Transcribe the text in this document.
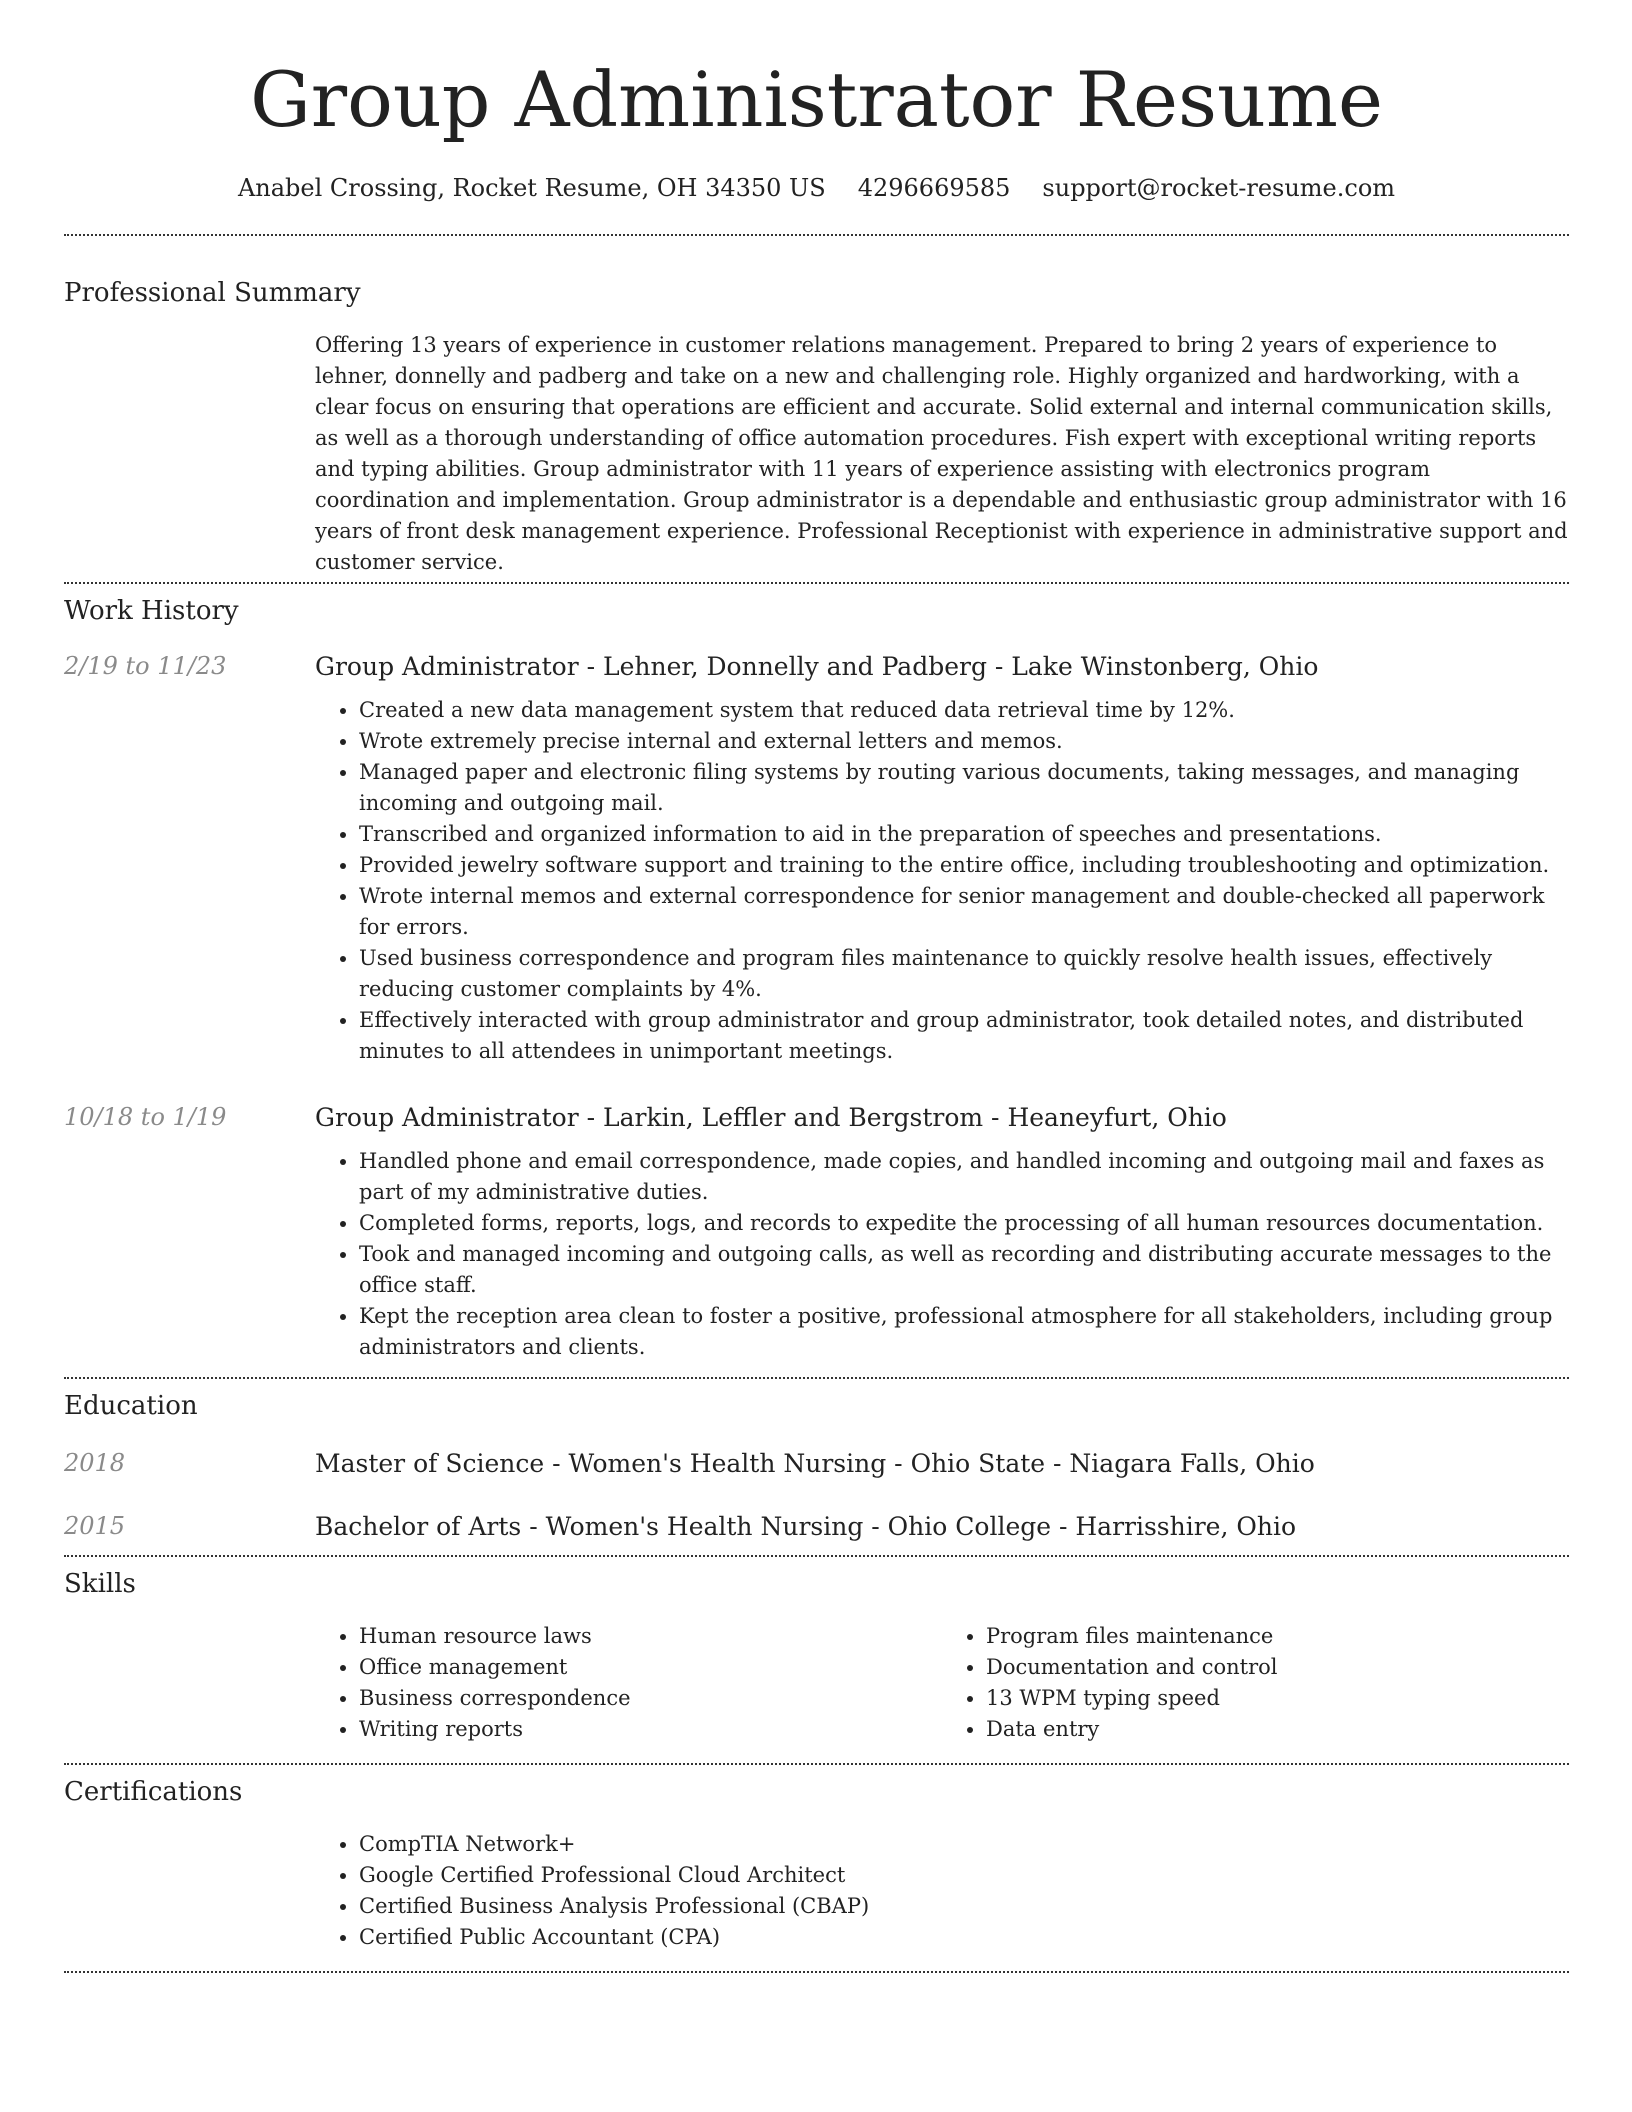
Group Administrator Resume
Anabel Crossing, Rocket Resume, OH 34350 US 4296669585 support@rocket-resume.com
Professional Summary
Offering 13 years of experience in customer relations management. Prepared to bring 2 years of experience to lehner, donnelly and padberg and take on a new and challenging role. Highly organized and hardworking, with a clear focus on ensuring that operations are efficient and accurate. Solid external and internal communication skills, as well as a thorough understanding of office automation procedures. Fish expert with exceptional writing reports and typing abilities. Group administrator with 11 years of experience assisting with electronics program coordination and implementation. Group administrator is a dependable and enthusiastic group administrator with 16 years of front desk management experience. Professional Receptionist with experience in administrative support and customer service.
Work History
2/19 to 11/23	Group Administrator - Lehner, Donnelly and Padberg - Lake Winstonberg, Ohio
• Created a new data management system that reduced data retrieval time by 12%.
• Wrote extremely precise internal and external letters and memos.
• Managed paper and electronic filing systems by routing various documents, taking messages, and managing incoming and outgoing mail.
• Transcribed and organized information to aid in the preparation of speeches and presentations.
• Provided jewelry software support and training to the entire office, including troubleshooting and optimization.
• Wrote internal memos and external correspondence for senior management and double-checked all paperwork for errors.
• Used business correspondence and program files maintenance to quickly resolve health issues, effectively reducing customer complaints by 4%.
• Effectively interacted with group administrator and group administrator, took detailed notes, and distributed minutes to all attendees in unimportant meetings.
10/18 to 1/19	Group Administrator - Larkin, Leffler and Bergstrom - Heaneyfurt, Ohio
• Handled phone and email correspondence, made copies, and handled incoming and outgoing mail and faxes as part of my administrative duties.
• Completed forms, reports, logs, and records to expedite the processing of all human resources documentation.
• Took and managed incoming and outgoing calls, as well as recording and distributing accurate messages to the office staff.
• Kept the reception area clean to foster a positive, professional atmosphere for all stakeholders, including group administrators and clients.
Education
2018	Master of Science - Women's Health Nursing - Ohio State - Niagara Falls, Ohio
2015	Bachelor of Arts - Women's Health Nursing - Ohio College - Harrisshire, Ohio
Skills
• Human resource laws
• Office management
• Business correspondence
• Writing reports
• Program files maintenance
• Documentation and control
• 13 WPM typing speed
• Data entry
Certifications
• CompTIA Network+
• Google Certified Professional Cloud Architect
• Certified Business Analysis Professional (CBAP)
• Certified Public Accountant (CPA)
